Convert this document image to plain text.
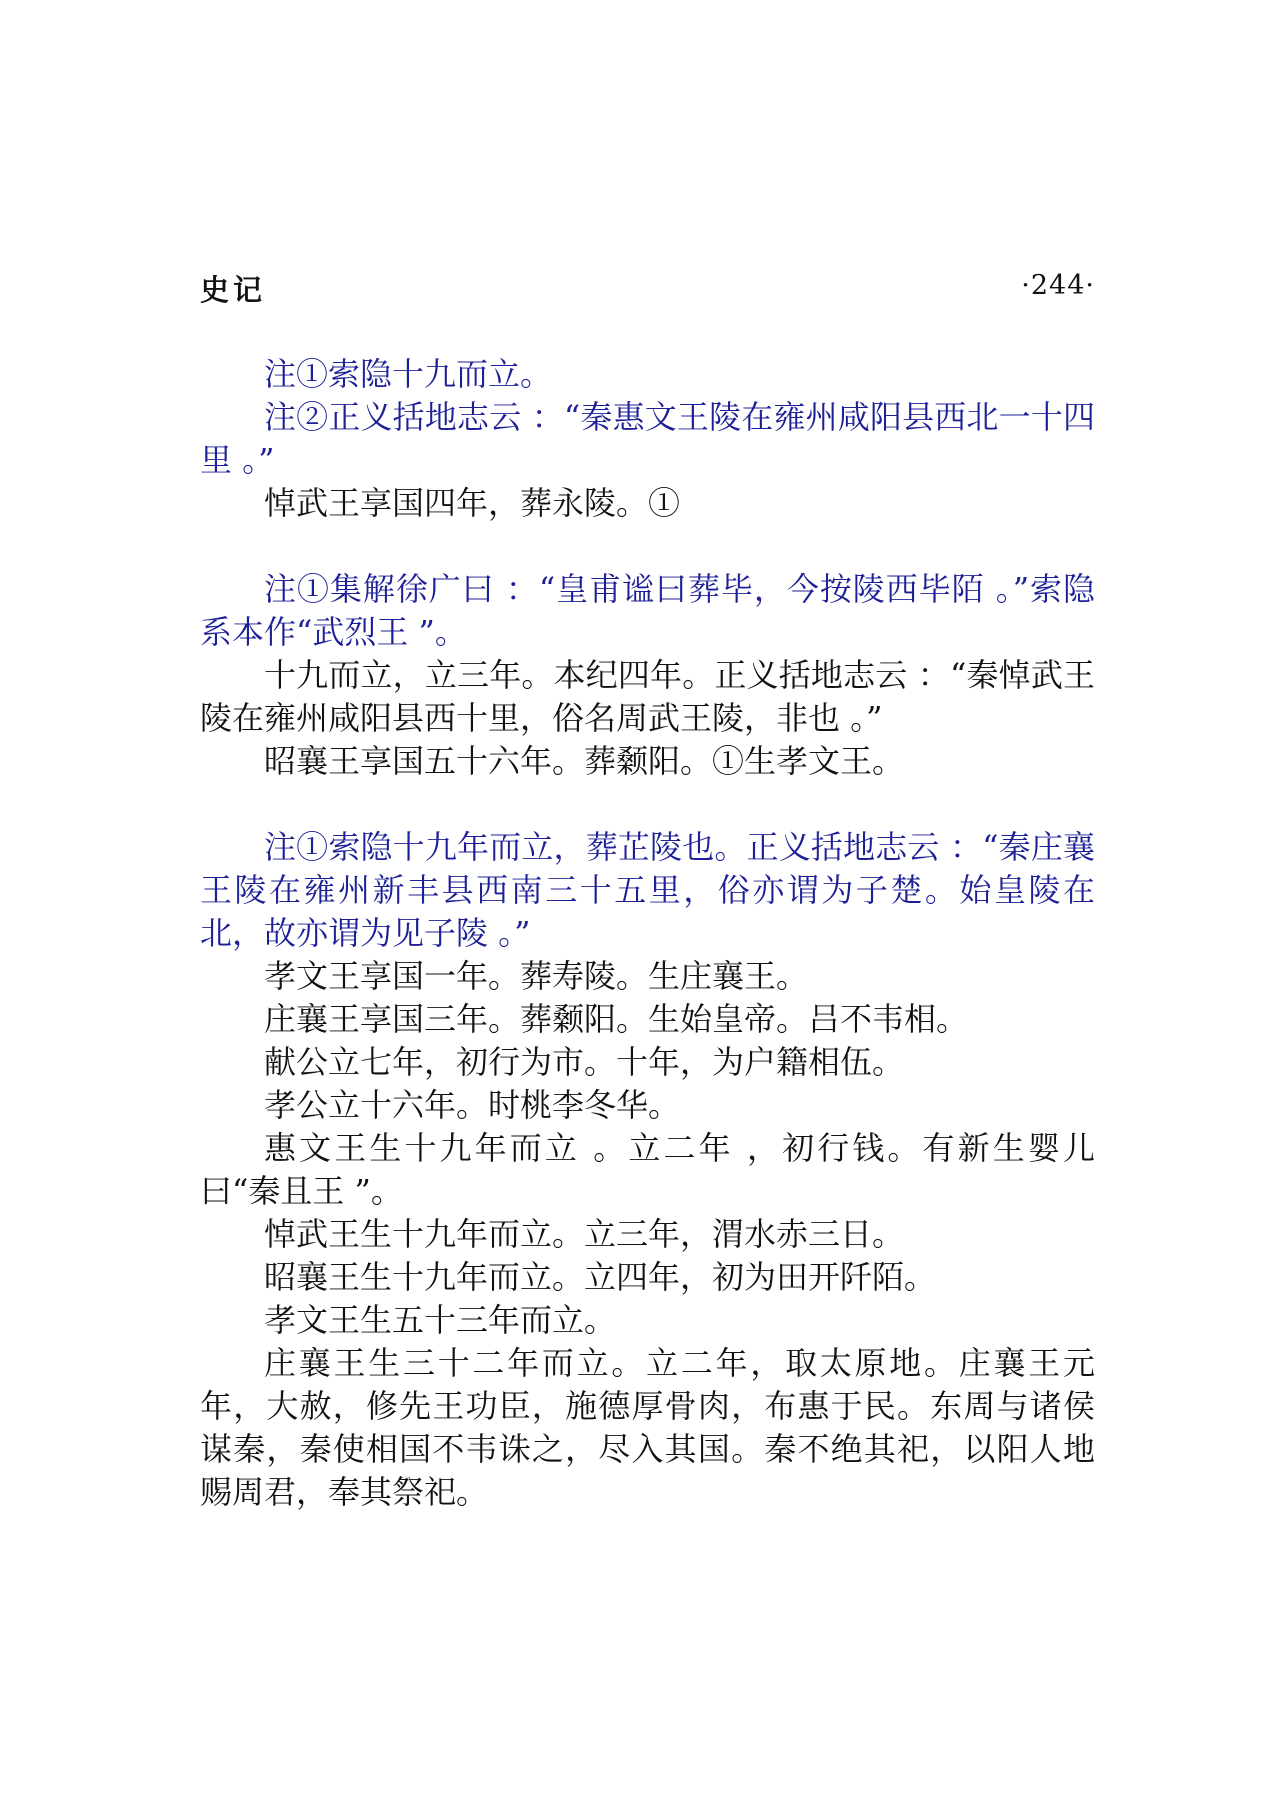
史记	·244·

注①索隐十九而立。

注②正义括地志云 ：“秦惠文王陵在雍州咸阳县西北一十四里 。”

悼武王享国四年，葬永陵。①

注①集解徐广曰 ：“皇甫谧曰葬毕，今按陵西毕陌 。”索隐系本作“武烈王 ”。

十九而立，立三年。本纪四年。正义括地志云 ：“秦悼武王陵在雍州咸阳县西十里，俗名周武王陵，非也 。”

昭襄王享国五十六年。葬颡阳。①生孝文王。

注①索隐十九年而立，葬芷陵也。正义括地志云 ：“秦庄襄王陵在雍州新丰县西南三十五里，俗亦谓为子楚。始皇陵在北，故亦谓为见子陵 。”

孝文王享国一年。葬寿陵。生庄襄王。

庄襄王享国三年。葬颡阳。生始皇帝。吕不韦相。

献公立七年，初行为市。十年，为户籍相伍。

孝公立十六年。时桃李冬华。

惠文王生十九年而立 。立二年 ，初行钱。有新生婴儿曰“秦且王 ”。

悼武王生十九年而立。立三年，渭水赤三日。

昭襄王生十九年而立。立四年，初为田开阡陌。

孝文王生五十三年而立。

庄襄王生三十二年而立。立二年，取太原地。庄襄王元年，大赦，修先王功臣，施德厚骨肉，布惠于民。东周与诸侯谋秦，秦使相国不韦诛之，尽入其国。秦不绝其祀，以阳人地赐周君，奉其祭祀。
